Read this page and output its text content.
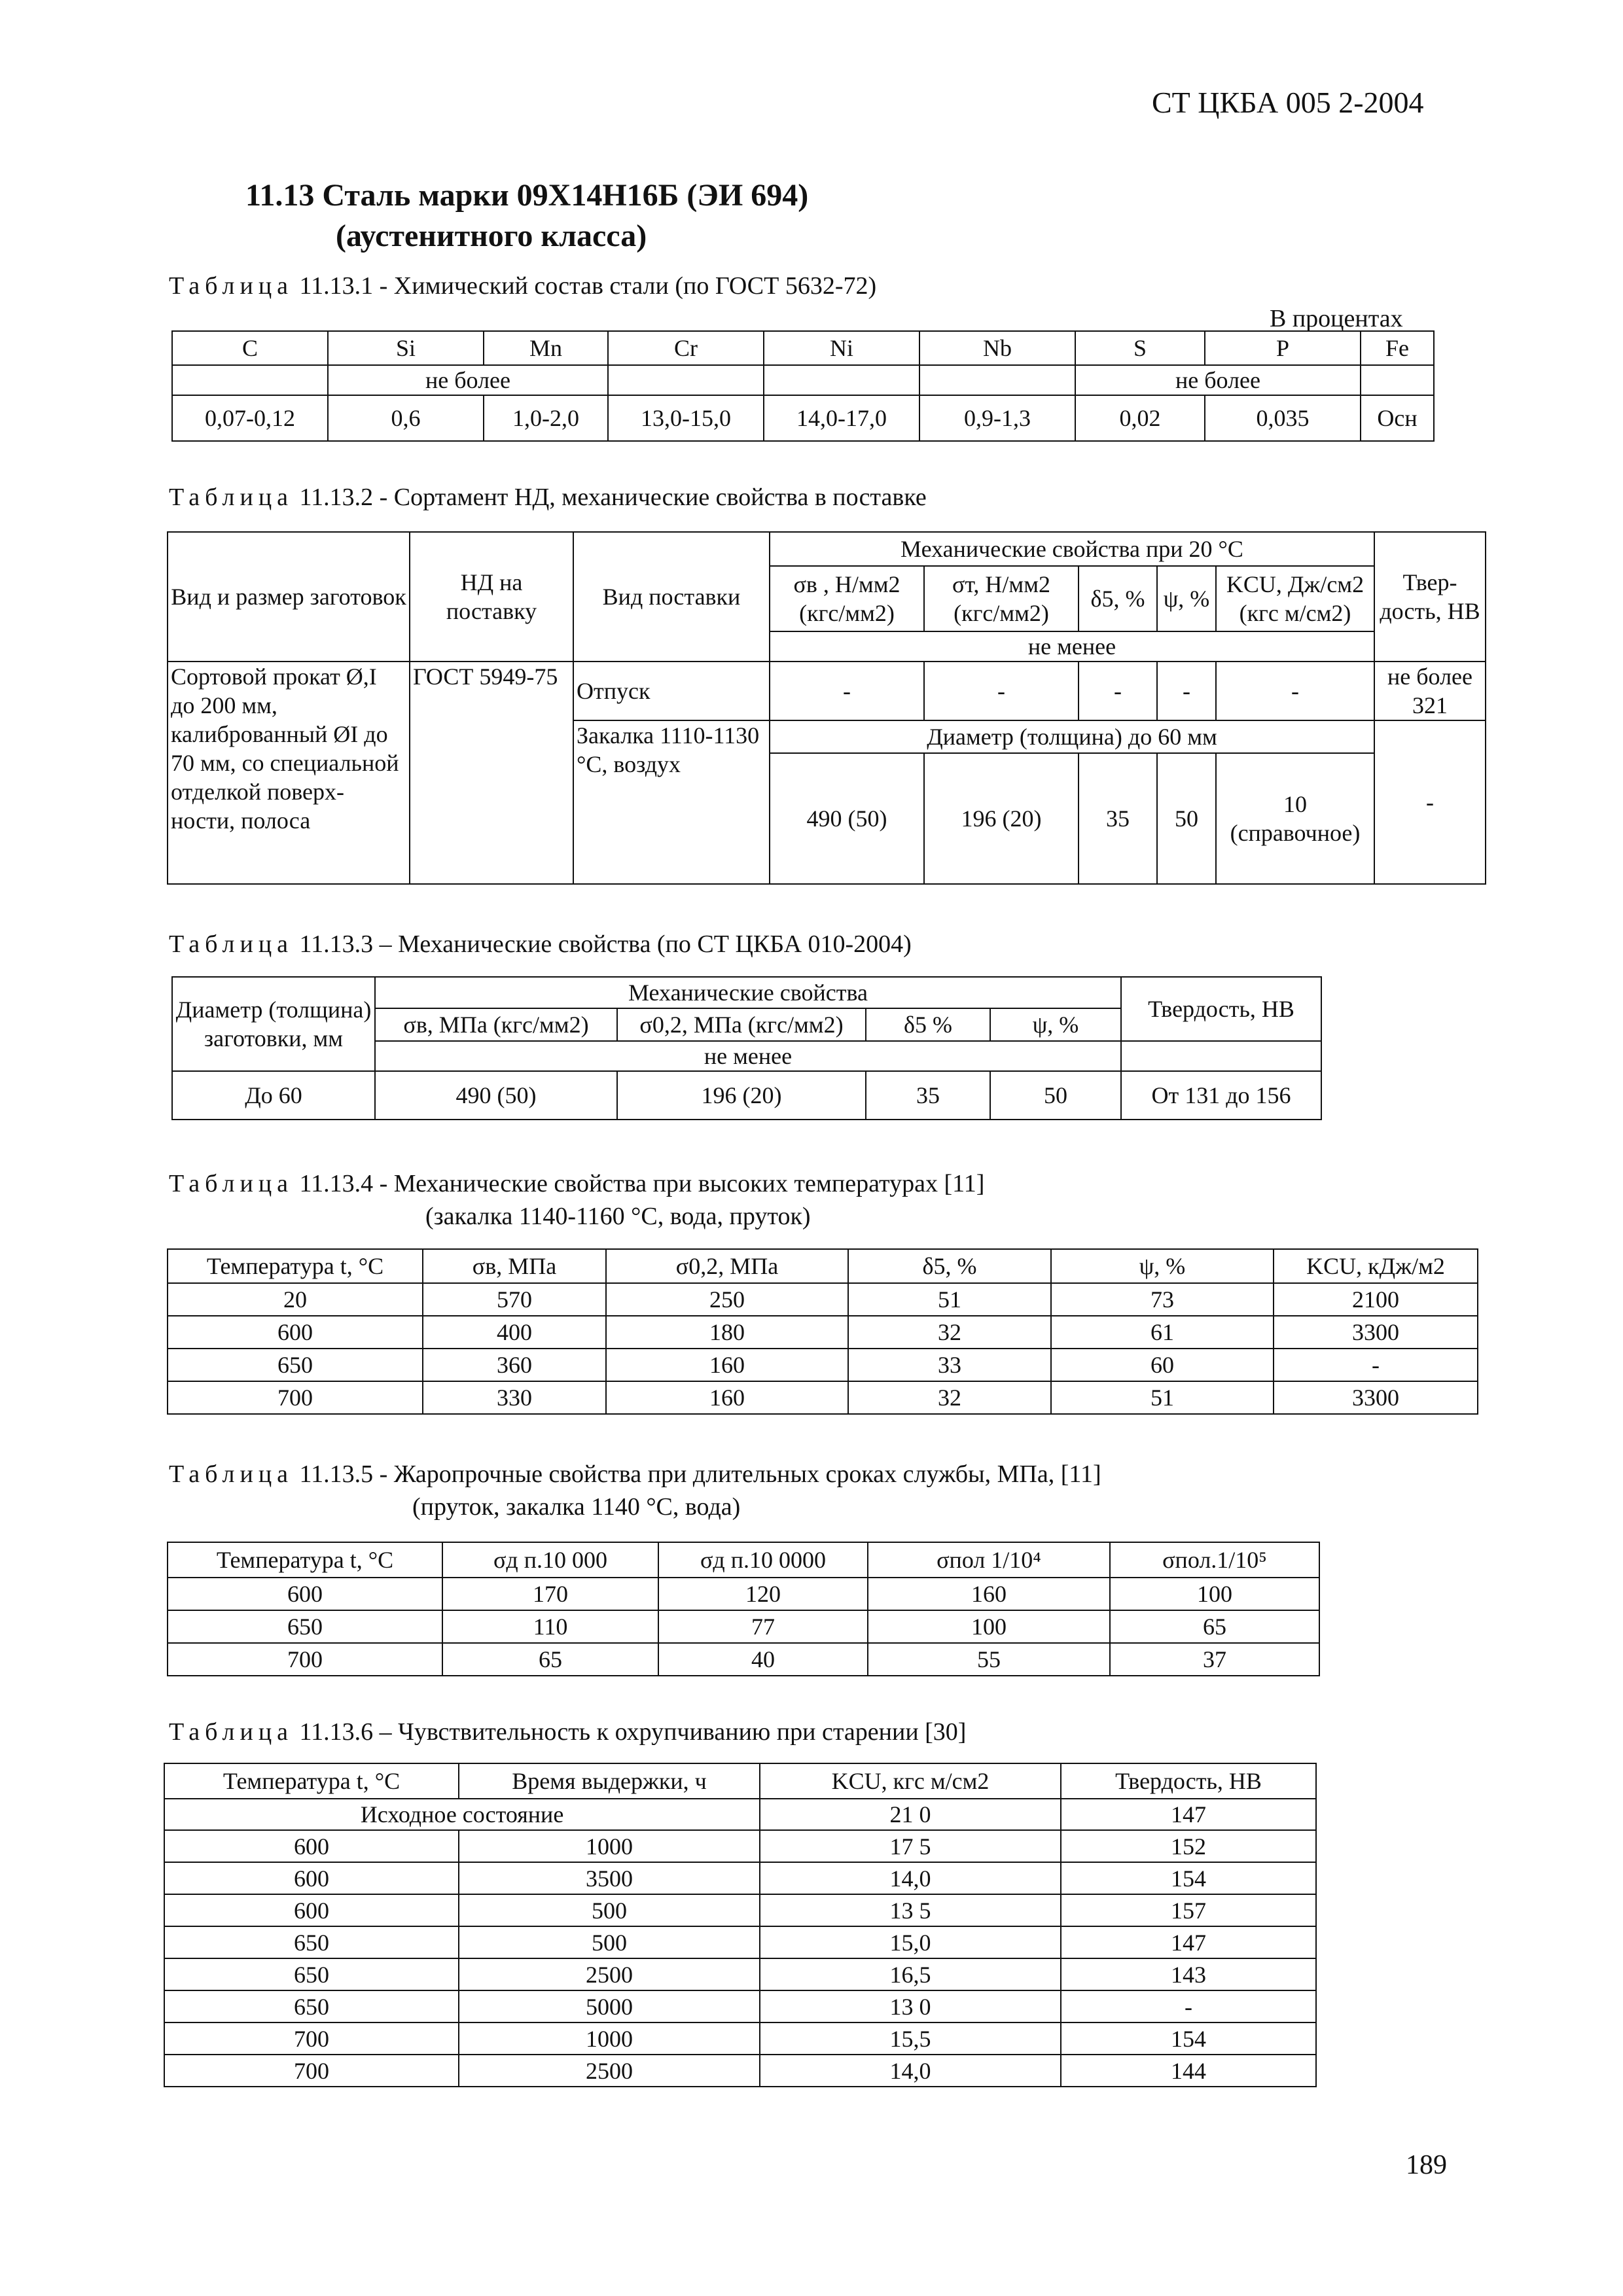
СТ ЦКБА 005 2-2004
11.13 Сталь марки 09Х14Н16Б (ЭИ 694)
(аустенитного класса)
Таблица 11.13.1 - Химический состав стали (по ГОСТ 5632-72)
В процентах
C	Si	Mn	Cr	Ni	Nb	S	P	Fe
	не более					не более		
0,07-0,12	0,6	1,0-2,0	13,0-15,0	14,0-17,0	0,9-1,3	0,02	0,035	Осн
Таблица 11.13.2 - Сортамент НД, механические свойства в поставке
Вид и размер заготовок	НД на поставку	Вид поставки	Механические свойства при 20 °С					Твер-дость, НВ
			σв , Н/мм2 (кгс/мм2)	σт, Н/мм2 (кгс/мм2)	δ5, %	ψ, %	KCU, Дж/см2 (кгс м/см2)	
			не менее					
Сортовой прокат Ø,I до 200 мм, калиброванный ØI до 70 мм, со специальной отделкой поверх-ности, полоса	ГОСТ 5949-75	Отпуск	-	-	-	-	-	не более 321
		Закалка 1110-1130 °С, воздух	Диаметр (толщина) до 60 мм					-
			490 (50)	196 (20)	35	50	10 (справочное)	
Таблица 11.13.3 – Механические свойства (по СТ ЦКБА 010-2004)
Диаметр (толщина) заготовки, мм	Механические свойства				Твердость, НВ
	σв, МПа (кгс/мм2)	σ0,2, МПа (кгс/мм2)	δ5 %	ψ, %	
	не менее				
До 60	490 (50)	196 (20)	35	50	От 131 до 156
Таблица 11.13.4 - Механические свойства при высоких температурах [11]
(закалка 1140-1160 °С, вода, пруток)
Температура t, °С	σв, МПа	σ0,2, МПа	δ5, %	ψ, %	KCU, кДж/м2
20	570	250	51	73	2100
600	400	180	32	61	3300
650	360	160	33	60	-
700	330	160	32	51	3300
Таблица 11.13.5 - Жаропрочные свойства при длительных сроках службы, МПа, [11]
(пруток, закалка 1140 °С, вода)
Температура t, °С	σд п.10 000	σд п.10 0000	σпол 1/10⁴	σпол.1/10⁵
600	170	120	160	100
650	110	77	100	65
700	65	40	55	37
Таблица 11.13.6 – Чувствительность к охрупчиванию при старении [30]
Температура t, °С	Время выдержки, ч	KCU, кгс м/см2	Твердость, НВ
Исходное состояние		21 0	147
600	1000	17 5	152
600	3500	14,0	154
600	500	13 5	157
650	500	15,0	147
650	2500	16,5	143
650	5000	13 0	-
700	1000	15,5	154
700	2500	14,0	144
189
